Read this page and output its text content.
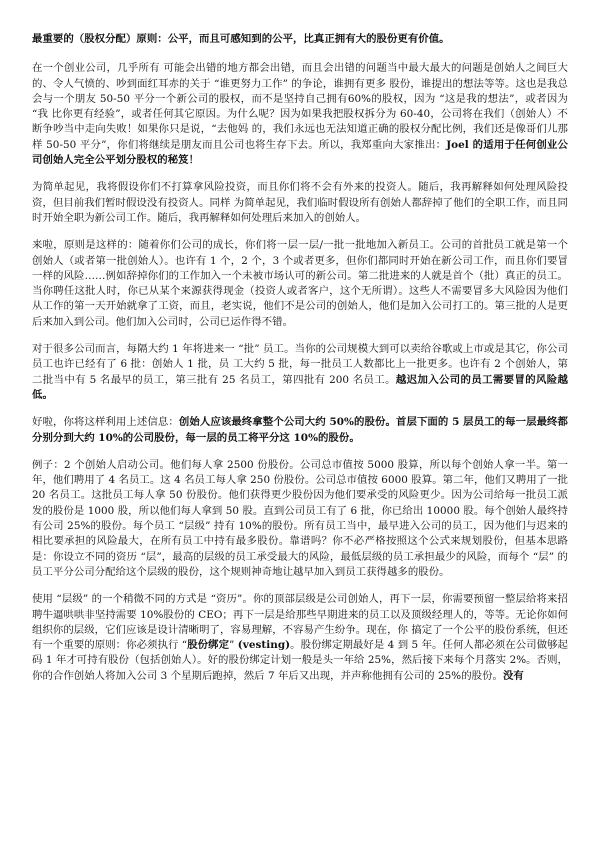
最重要的（股权分配）原则：公平，而且可感知到的公平，比真正拥有大的股份更有价值。

在一个创业公司，几乎所有 可能会出错的地方都会出错，而且会出错的问题当中最大最大的问题是创始人之间巨大的、令人气愤的、吵到面红耳赤的关于 “谁更努力工作” 的争论，谁拥有更多 股份，谁提出的想法等等。这也是我总会与一个朋友 50-50 平分一个新公司的股权，而不是坚持自己拥有60%的股权，因为 “这是我的想法”，或者因为 “我 比你更有经验”，或者任何其它原因。为什么呢？因为如果我把股权拆分为 60-40，公司将在我们（创始人）不断争吵当中走向失败！如果你只是说，“去他妈 的，我们永远也无法知道正确的股权分配比例，我们还是像哥们儿那样 50-50 平分”，你们将继续是朋友而且公司也将生存下去。所以，我郑重向大家推出：Joel 的适用于任何创业公司创始人完全公平划分股权的秘笈！

为简单起见，我将假设你们不打算拿风险投资，而且你们将不会有外来的投资人。随后，我再解释如何处理风险投资，但目前我们暂时假设没有投资人。同样 为简单起见，我们临时假设所有创始人都辞掉了他们的全职工作，而且同时开始全职为新公司工作。随后，我再解释如何处理后来加入的创始人。

来啦，原则是这样的：随着你们公司的成长，你们将一层一层/一批一批地加入新员工。公司的首批员工就是第一个创始人（或者第一批创始人）。也许有 1 个，2 个，3 个或者更多，但你们都同时开始在新公司工作，而且你们要冒一样的风险……例如辞掉你们的工作加入一个未被市场认可的新公司。第二批进来的人就是首个（批）真正的员工。当你聘任这批人时，你已从某个来源获得现金（投资人或者客户，这个无所谓）。这些人不需要冒多大风险因为他们从工作的第一天开始就拿了工资，而且，老实说，他们不是公司的创始人，他们是加入公司打工的。第三批的人是更后来加入到公司。他们加入公司时，公司已运作得不错。

对于很多公司而言，每隔大约 1 年将进来一 “批” 员工。当你的公司规模大到可以卖给谷歌或上市或是其它，你公司员工也许已经有了 6 批：创始人 1 批，员 工大约 5 批，每一批员工人数都比上一批更多。也许有 2 个创始人，第二批当中有 5 名最早的员工，第三批有 25 名员工，第四批有 200 名员工。越迟加入公司的员工需要冒的风险越低。

好啦，你将这样利用上述信息：创始人应该最终拿整个公司大约 50%的股份。首层下面的 5 层员工的每一层最终都分别分到大约 10%的公司股份，每一层的员工将平分这 10%的股份。

例子：2 个创始人启动公司。他们每人拿 2500 份股份。公司总市值按 5000 股算，所以每个创始人拿一半。第一年，他们聘用了 4 名员工。这 4 名员工每人拿 250 份股份。公司总市值按 6000 股算。第二年，他们又聘用了一批 20 名员工。这批员工每人拿 50 份股份。他们获得更少股份因为他们要承受的风险更少。因为公司给每一批员工派发的股份是 1000 股，所以他们每人拿到 50 股。直到公司员工有了 6 批，你已给出 10000 股。每个创始人最终持有公司 25%的股份。每个员工 “层级” 持有 10%的股份。所有员工当中，最早进入公司的员工，因为他们与迟来的相比要承担的风险最大，在所有员工中持有最多股份。靠谱吗？你不必严格按照这个公式来规划股份，但基本思路是：你设立不同的资历 “层”，最高的层级的员工承受最大的风险，最低层级的员工承担最少的风险，而每个 “层” 的员工平分公司分配给这个层级的股份，这个规则神奇地让越早加入到员工获得越多的股份。

使用 “层级” 的一个稍微不同的方式是 “资历”。你的顶部层级是公司创始人，再下一层，你需要预留一整层给将来招聘牛逼哄哄非坚持需要 10%股份的 CEO；再下一层是给那些早期进来的员工以及顶级经理人的，等等。无论你如何组织你的层级，它们应该是设计清晰明了，容易理解，不容易产生纷争。现在，你 搞定了一个公平的股份系统，但还有一个重要的原则：你必须执行 “股份绑定” (vesting)。股份绑定期最好是 4 到 5 年。任何人都必须在公司做够起码 1 年才可持有股份（包括创始人）。好的股份绑定计划一般是头一年给 25%，然后接下来每个月落实 2%。否则，你的合作创始人将加入公司 3 个星期后跑掉，然后 7 年后又出现，并声称他拥有公司的 25%的股份。没有
